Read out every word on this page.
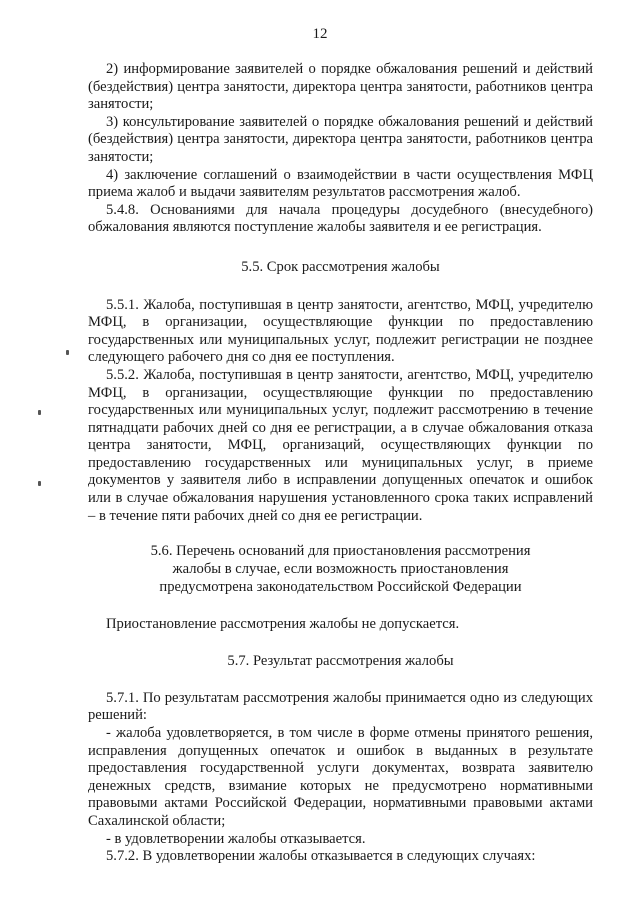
12

2) информирование заявителей о порядке обжалования решений и действий (бездействия) центра занятости, директора центра занятости, работников центра занятости;

3) консультирование заявителей о порядке обжалования решений и действий (бездействия) центра занятости, директора центра занятости, работников центра занятости;

4) заключение соглашений о взаимодействии в части осуществления МФЦ приема жалоб и выдачи заявителям результатов рассмотрения жалоб.

5.4.8. Основаниями для начала процедуры досудебного (внесудебного) обжалования являются поступление жалобы заявителя и ее регистрация.

5.5. Срок рассмотрения жалобы

5.5.1. Жалоба, поступившая в центр занятости, агентство, МФЦ, учредителю МФЦ, в организации, осуществляющие функции по предоставлению государственных или муниципальных услуг, подлежит регистрации не позднее следующего рабочего дня со дня ее поступления.

5.5.2. Жалоба, поступившая в центр занятости, агентство, МФЦ, учредителю МФЦ, в организации, осуществляющие функции по предоставлению государственных или муниципальных услуг, подлежит рассмотрению в течение пятнадцати рабочих дней со дня ее регистрации, а в случае обжалования отказа центра занятости, МФЦ, организаций, осуществляющих функции по предоставлению государственных или муниципальных услуг, в приеме документов у заявителя либо в исправлении допущенных опечаток и ошибок или в случае обжалования нарушения установленного срока таких исправлений – в течение пяти рабочих дней со дня ее регистрации.

5.6. Перечень оснований для приостановления рассмотрения
жалобы в случае, если возможность приостановления
предусмотрена законодательством Российской Федерации

Приостановление рассмотрения жалобы не допускается.

5.7. Результат рассмотрения жалобы

5.7.1. По результатам рассмотрения жалобы принимается одно из следующих решений:

- жалоба удовлетворяется, в том числе в форме отмены принятого решения, исправления допущенных опечаток и ошибок в выданных в результате предоставления государственной услуги документах, возврата заявителю денежных средств, взимание которых не предусмотрено нормативными правовыми актами Российской Федерации, нормативными правовыми актами Сахалинской области;

- в удовлетворении жалобы отказывается.

5.7.2. В удовлетворении жалобы отказывается в следующих случаях:
